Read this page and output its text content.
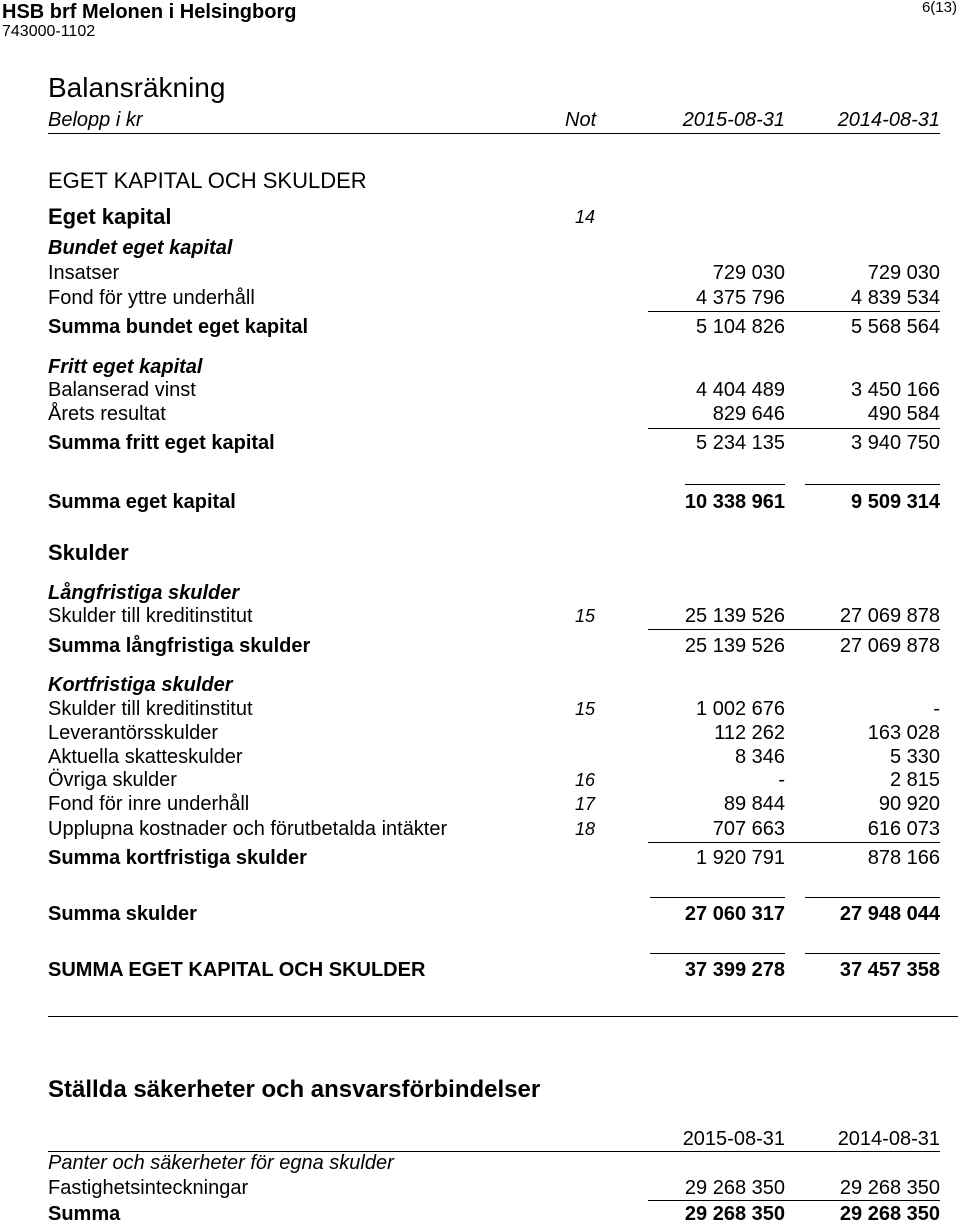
HSB brf Melonen i Helsingborg
743000-1102
6(13)
Balansräkning
Belopp i kr	Not	2015-08-31	2014-08-31
EGET KAPITAL OCH SKULDER
Eget kapital	14
Bundet eget kapital
Insatser	729 030	729 030
Fond för yttre underhåll	4 375 796	4 839 534
Summa bundet eget kapital	5 104 826	5 568 564
Fritt eget kapital
Balanserad vinst	4 404 489	3 450 166
Årets resultat	829 646	490 584
Summa fritt eget kapital	5 234 135	3 940 750
Summa eget kapital	10 338 961	9 509 314
Skulder
Långfristiga skulder
Skulder till kreditinstitut	15	25 139 526	27 069 878
Summa långfristiga skulder	25 139 526	27 069 878
Kortfristiga skulder
Skulder till kreditinstitut	15	1 002 676	-
Leverantörsskulder	112 262	163 028
Aktuella skatteskulder	8 346	5 330
Övriga skulder	16	-	2 815
Fond för inre underhåll	17	89 844	90 920
Upplupna kostnader och förutbetalda intäkter	18	707 663	616 073
Summa kortfristiga skulder	1 920 791	878 166
Summa skulder	27 060 317	27 948 044
SUMMA EGET KAPITAL OCH SKULDER	37 399 278	37 457 358
Ställda säkerheter och ansvarsförbindelser
2015-08-31	2014-08-31
Panter och säkerheter för egna skulder
Fastighetsinteckningar	29 268 350	29 268 350
Summa	29 268 350	29 268 350
